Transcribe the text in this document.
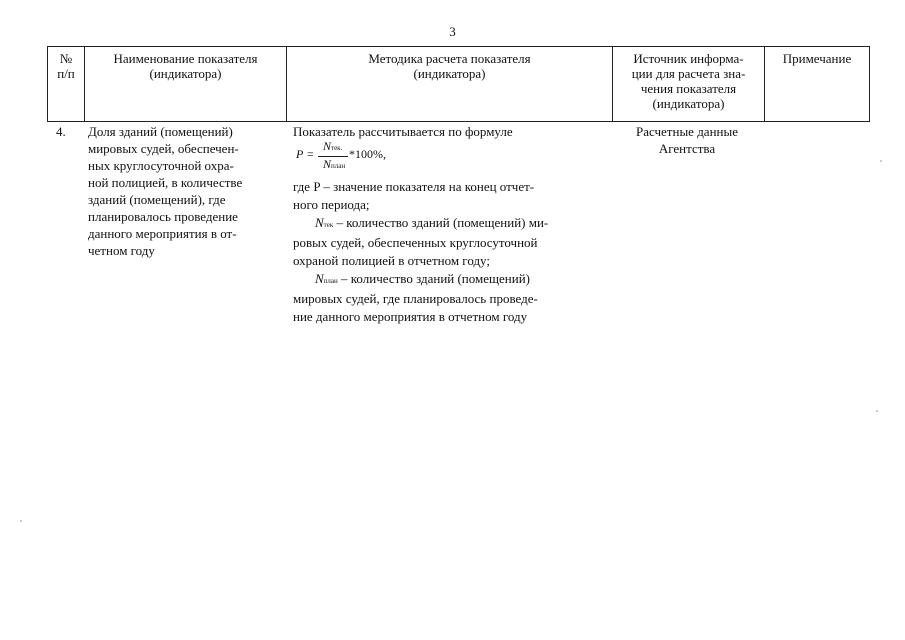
3
№
п/п
Наименование показателя
(индикатора)
Методика расчета показателя
(индикатора)
Источник информа-
ции для расчета зна-
чения показателя
(индикатора)
Примечание
4. Доля зданий (помещений)
мировых судей, обеспечен-
ных круглосуточной охра-
ной полицией, в количестве
зданий (помещений), где
планировалось проведение
данного мероприятия в от-
четном году
Показатель рассчитывается по формуле
P =
Nтек.
Nплан
*100%,
где P – значение показателя на конец отчет-
ного периода;
Nтек – количество зданий (помещений) ми-
ровых судей, обеспеченных круглосуточной
охраной полицией в отчетном году;
Nплан – количество зданий (помещений)
мировых судей, где планировалось проведе-
ние данного мероприятия в отчетном году
Расчетные данные
Агентства
